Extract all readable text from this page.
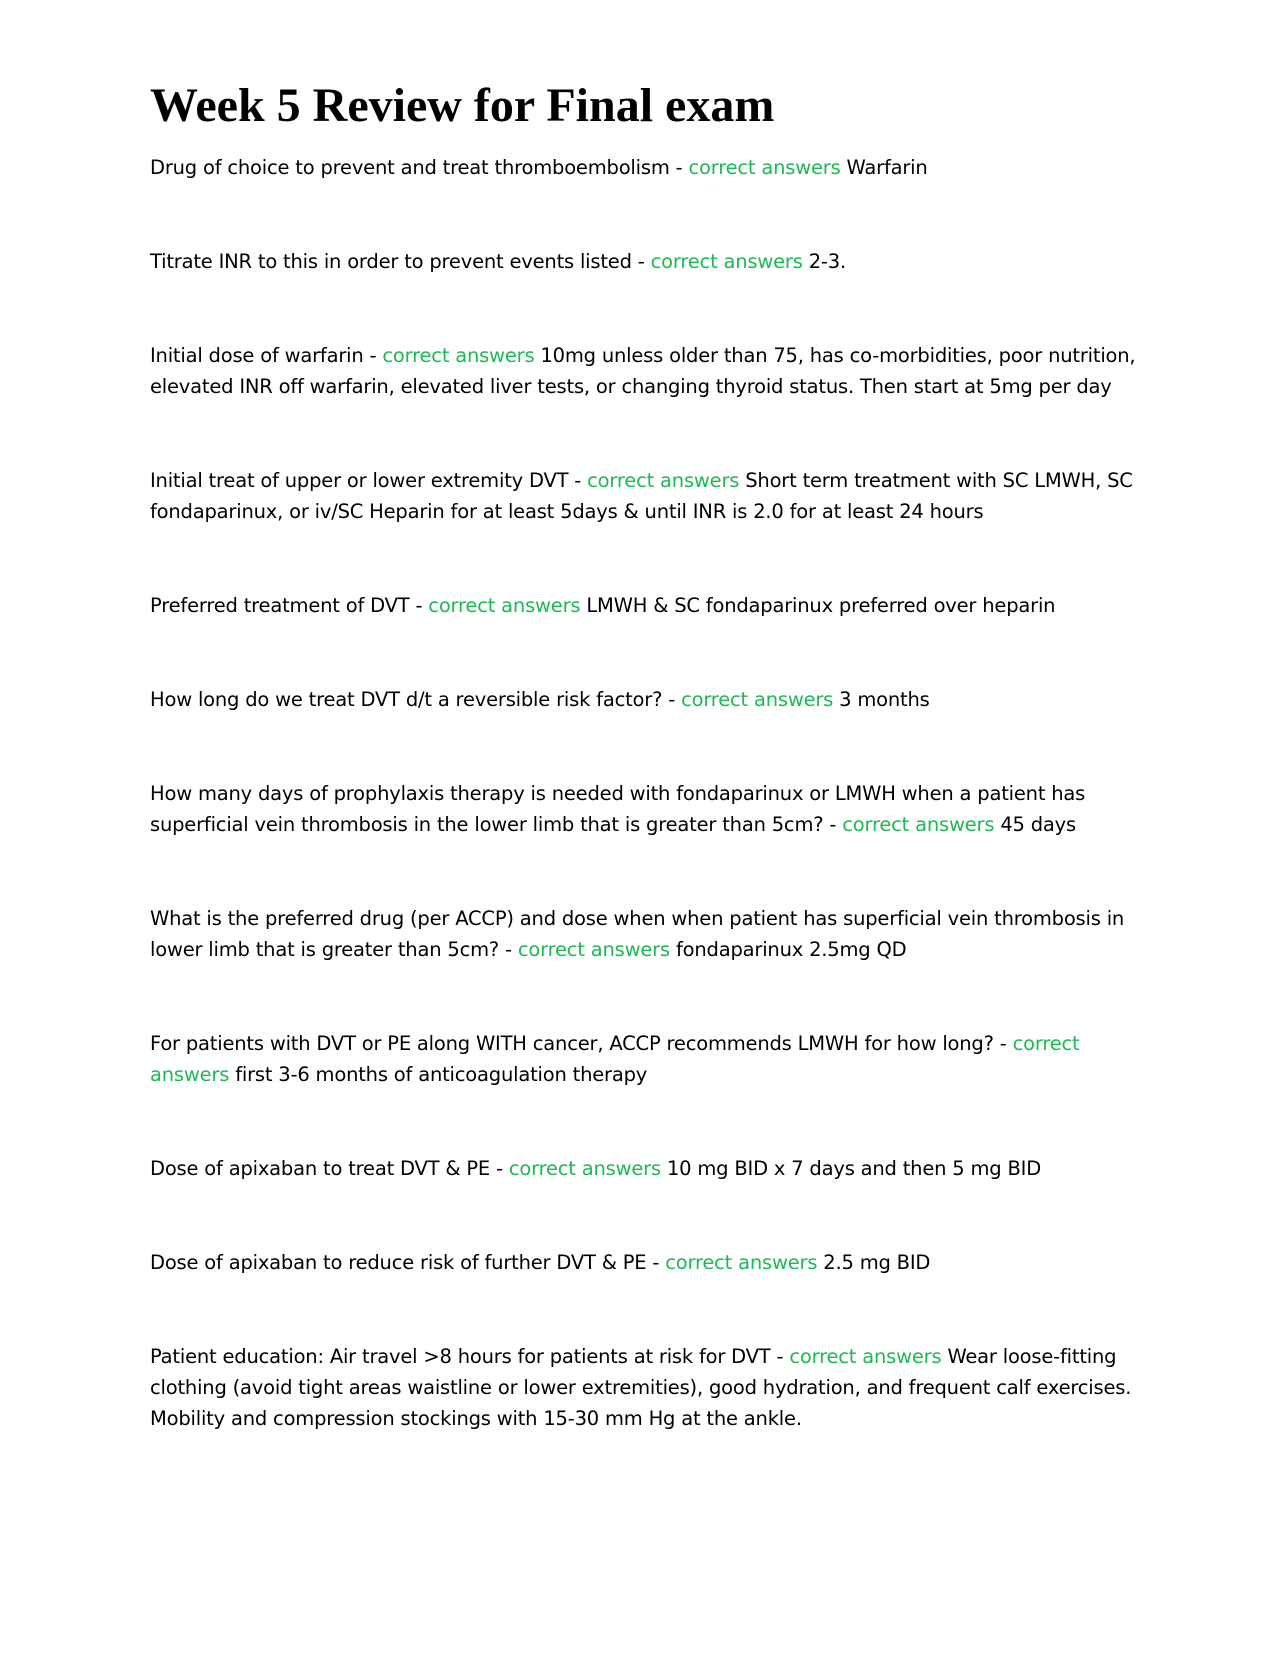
Week 5 Review for Final exam

Drug of choice to prevent and treat thromboembolism - correct answers Warfarin

Titrate INR to this in order to prevent events listed - correct answers 2-3.

Initial dose of warfarin - correct answers 10mg unless older than 75, has co-morbidities, poor nutrition, elevated INR off warfarin, elevated liver tests, or changing thyroid status. Then start at 5mg per day

Initial treat of upper or lower extremity DVT - correct answers Short term treatment with SC LMWH, SC fondaparinux, or iv/SC Heparin for at least 5days & until INR is 2.0 for at least 24 hours

Preferred treatment of DVT - correct answers LMWH & SC fondaparinux preferred over heparin

How long do we treat DVT d/t a reversible risk factor? - correct answers 3 months

How many days of prophylaxis therapy is needed with fondaparinux or LMWH when a patient has superficial vein thrombosis in the lower limb that is greater than 5cm? - correct answers 45 days

What is the preferred drug (per ACCP) and dose when when patient has superficial vein thrombosis in lower limb that is greater than 5cm? - correct answers fondaparinux 2.5mg QD

For patients with DVT or PE along WITH cancer, ACCP recommends LMWH for how long? - correct answers first 3-6 months of anticoagulation therapy

Dose of apixaban to treat DVT & PE - correct answers 10 mg BID x 7 days and then 5 mg BID

Dose of apixaban to reduce risk of further DVT & PE - correct answers 2.5 mg BID

Patient education: Air travel >8 hours for patients at risk for DVT - correct answers Wear loose-fitting clothing (avoid tight areas waistline or lower extremities), good hydration, and frequent calf exercises. Mobility and compression stockings with 15-30 mm Hg at the ankle.
